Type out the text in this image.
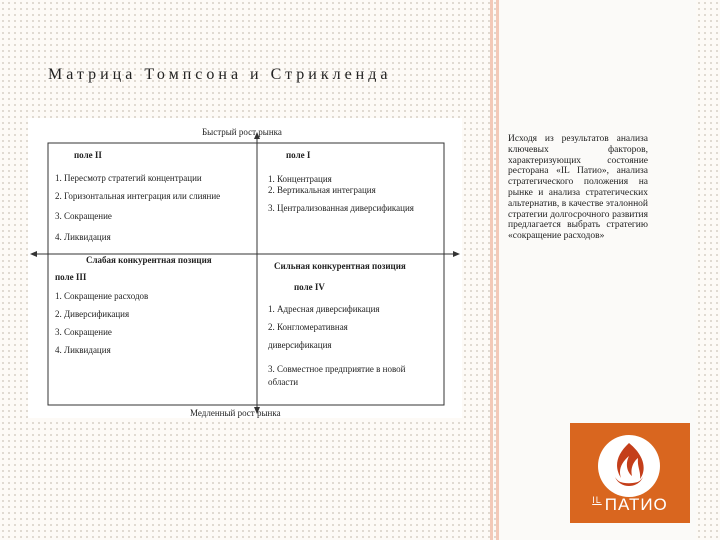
Матрица Томпсона и Стрикленда
Быстрый рост рынка
Медленный рост рынка
поле II
1. Пересмотр стратегий концентрации
2. Горизонтальная интеграция или слияние
3. Сокращение
4. Ликвидация
поле I
1. Концентрация
2. Вертикальная интеграция
3. Централизованная диверсификация
Слабая конкурентная позиция
Сильная конкурентная позиция
поле III
1. Сокращение расходов
2. Диверсификация
3. Сокращение
4. Ликвидация
поле IV
1. Адресная диверсификация
2. Конгломеративная
диверсификация
3. Совместное предприятие в новой
области
Исходя из результатов анализа ключевых факторов, характеризующих состояние ресторана «IL Патио», анализа стратегического положения на рынке и анализа стратегических альтернатив, в качестве эталонной стратегии долгосрочного развития предлагается выбрать стратегию «сокращение расходов»
$^{IL}$ ПАТИО
